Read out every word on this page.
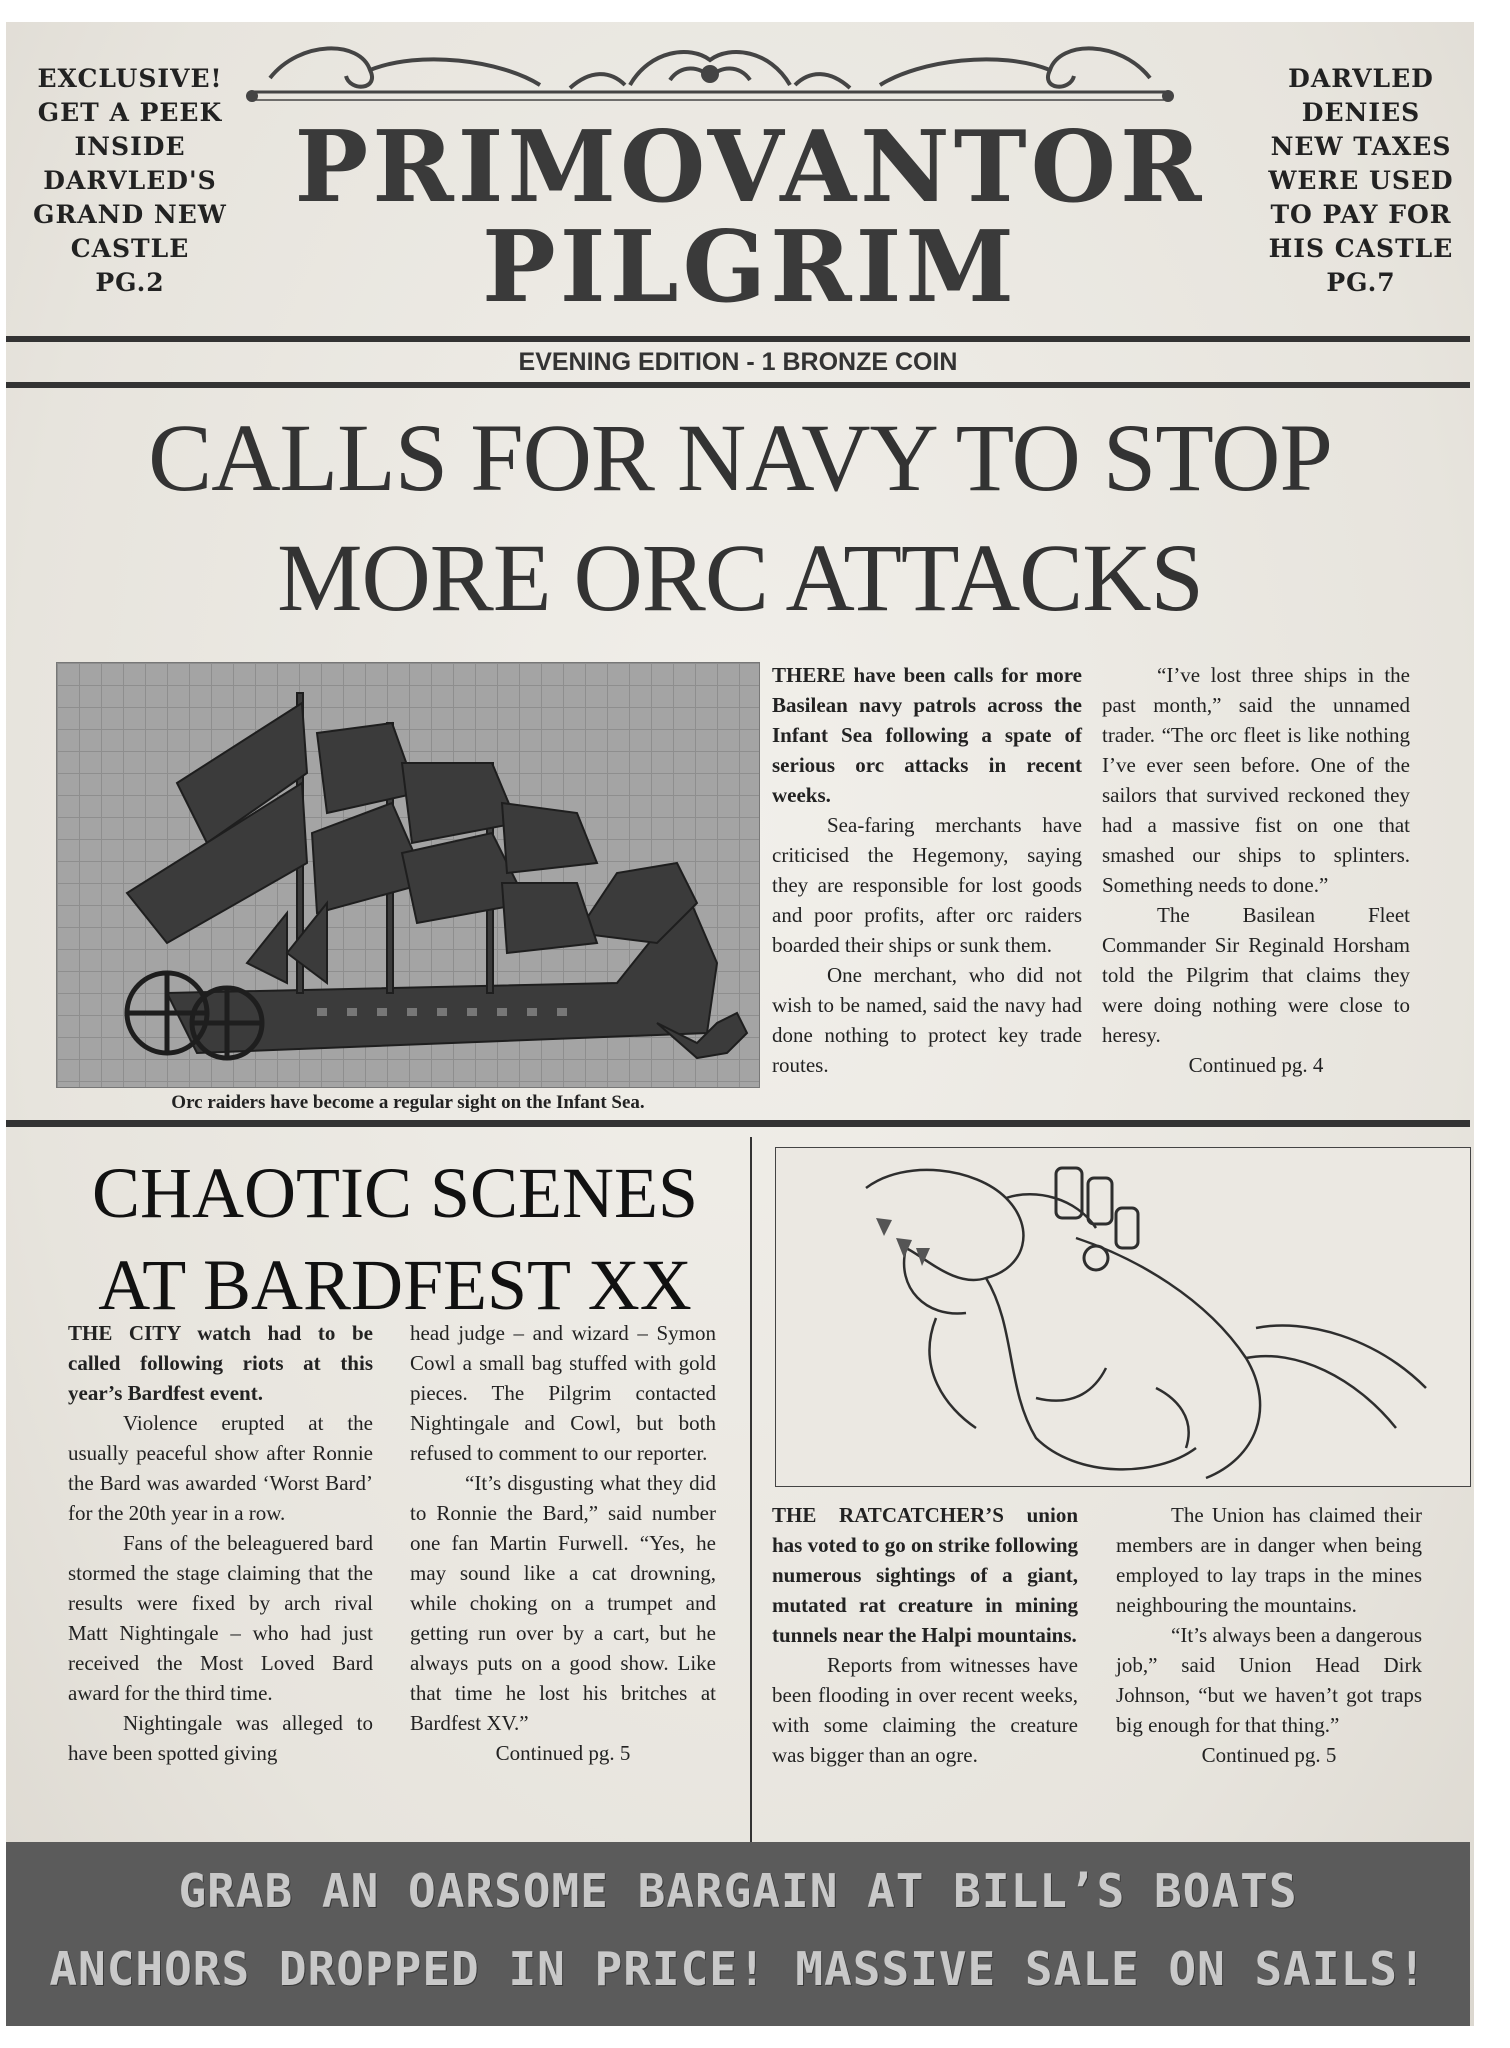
EXCLUSIVE!
GET A PEEK
INSIDE
DARVLED'S
GRAND NEW
CASTLE
PG.2
PRIMOVANTOR
PILGRIM
DARVLED
DENIES
NEW TAXES
WERE USED
TO PAY FOR
HIS CASTLE
PG.7
EVENING EDITION - 1 BRONZE COIN
CALLS FOR NAVY TO STOP
MORE ORC ATTACKS
Orc raiders have become a regular sight on the Infant Sea.

THERE have been calls for more Basilean navy patrols across the Infant Sea following a spate of serious orc attacks in recent weeks.

Sea-faring merchants have criticised the Hegemony, saying they are responsible for lost goods and poor profits, after orc raiders boarded their ships or sunk them.

One merchant, who did not wish to be named, said the navy had done nothing to protect key trade routes.

“I’ve lost three ships in the past month,” said the unnamed trader. “The orc fleet is like nothing I’ve ever seen before. One of the sailors that survived reckoned they had a massive fist on one that smashed our ships to splinters. Something needs to done.”

The Basilean Fleet Commander Sir Reginald Horsham told the Pilgrim that claims they were doing nothing were close to heresy.

Continued pg. 4

CHAOTIC SCENES
AT BARDFEST XX

THE CITY watch had to be called following riots at this year’s Bardfest event.

Violence erupted at the usually peaceful show after Ronnie the Bard was awarded ‘Worst Bard’ for the 20th year in a row.

Fans of the beleaguered bard stormed the stage claiming that the results were fixed by arch rival Matt Nightingale – who had just received the Most Loved Bard award for the third time.

Nightingale was alleged to have been spotted giving

head judge – and wizard – Symon Cowl a small bag stuffed with gold pieces. The Pilgrim contacted Nightingale and Cowl, but both refused to comment to our reporter.

“It’s disgusting what they did to Ronnie the Bard,” said number one fan Martin Furwell. “Yes, he may sound like a cat drowning, while choking on a trumpet and getting run over by a cart, but he always puts on a good show. Like that time he lost his britches at Bardfest XV.”

Continued pg. 5

THE RATCATCHER’S union has voted to go on strike following numerous sightings of a giant, mutated rat creature in mining tunnels near the Halpi mountains.

Reports from witnesses have been flooding in over recent weeks, with some claiming the creature was bigger than an ogre.

The Union has claimed their members are in danger when being employed to lay traps in the mines neighbouring the mountains.

“It’s always been a dangerous job,” said Union Head Dirk Johnson, “but we haven’t got traps big enough for that thing.”

Continued pg. 5

GRAB AN OARSOME BARGAIN AT BILL’S BOATS
ANCHORS DROPPED IN PRICE! MASSIVE SALE ON SAILS!
